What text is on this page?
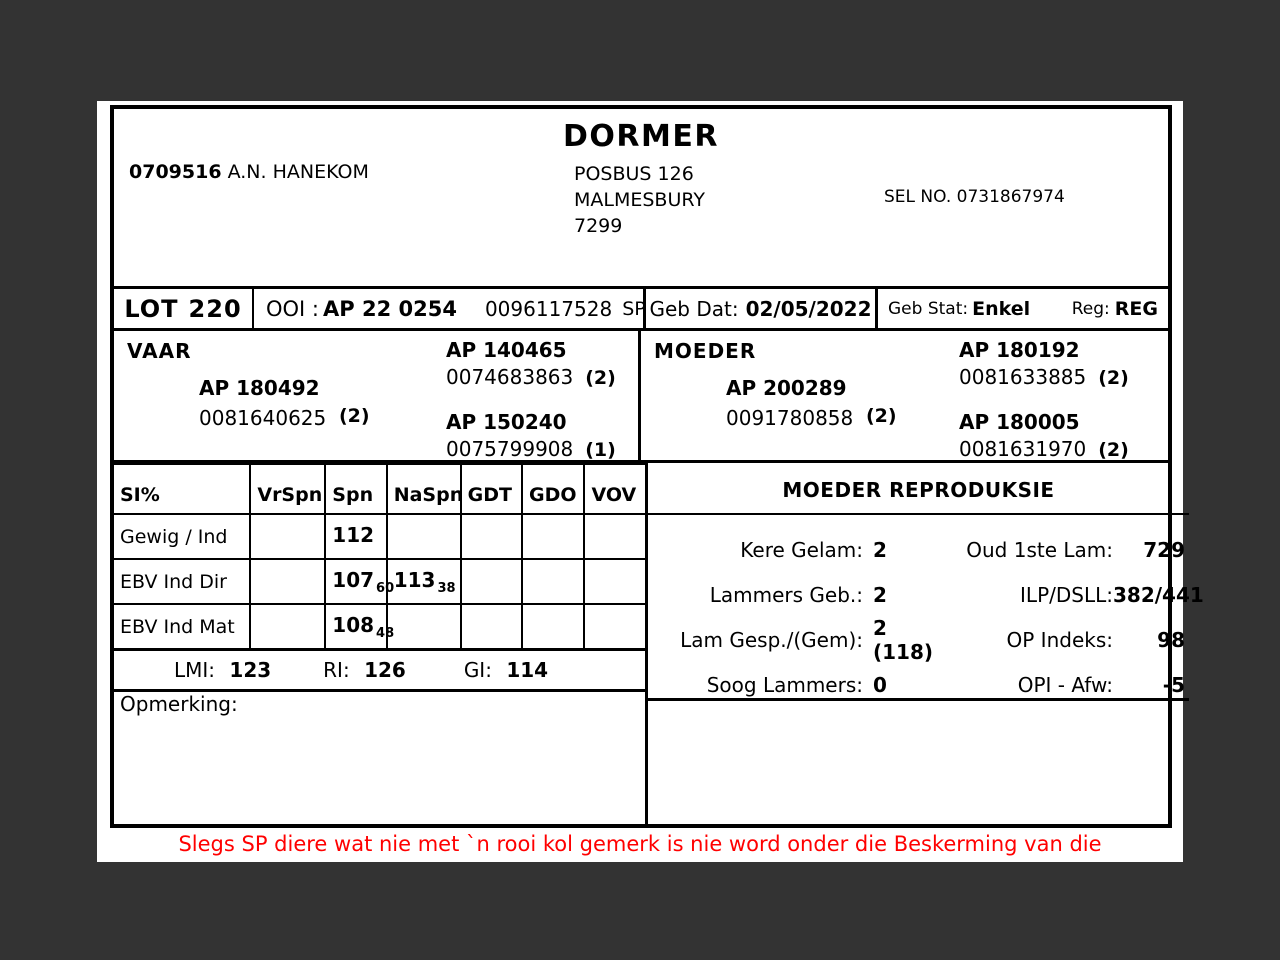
DORMER
0709516 A.N. HANEKOM	POSBUS 126
MALMESBURY
7299
SEL NO. 0731867974
LOT 220 OOI : AP 22 0254 0096117528 SP Geb Dat: 02/05/2022 Geb Stat: Enkel Reg: REG
VAAR
AP 180492
0081640625 (2)
AP 140465
0074683863 (2)
AP 150240
0075799908 (1)
MOEDER
AP 200289
0091780858 (2)
AP 180192
0081633885 (2)
AP 180005
0081631970 (2)
SI%	VrSpn	Spn	NaSpn	GDT	GDO	VOV
Gewig / Ind		112				
EBV Ind Dir		107 $_{60}$	113 $_{38}$			
EBV Ind Mat		108 $_{48}$				
LMI: 123	RI: 126	GI: 114
MOEDER REPRODUKSIE
Kere Gelam: 2	Oud 1ste Lam:	729
Lammers Geb.: 2	ILP/DSLL: 382/441
Lam Gesp./(Gem): 2 (118)	OP Indeks:	98
Soog Lammers: 0	OPI - Afw:	-5
Opmerking:
Slegs SP diere wat nie met `n rooi kol gemerk is nie word onder die Beskerming van die
